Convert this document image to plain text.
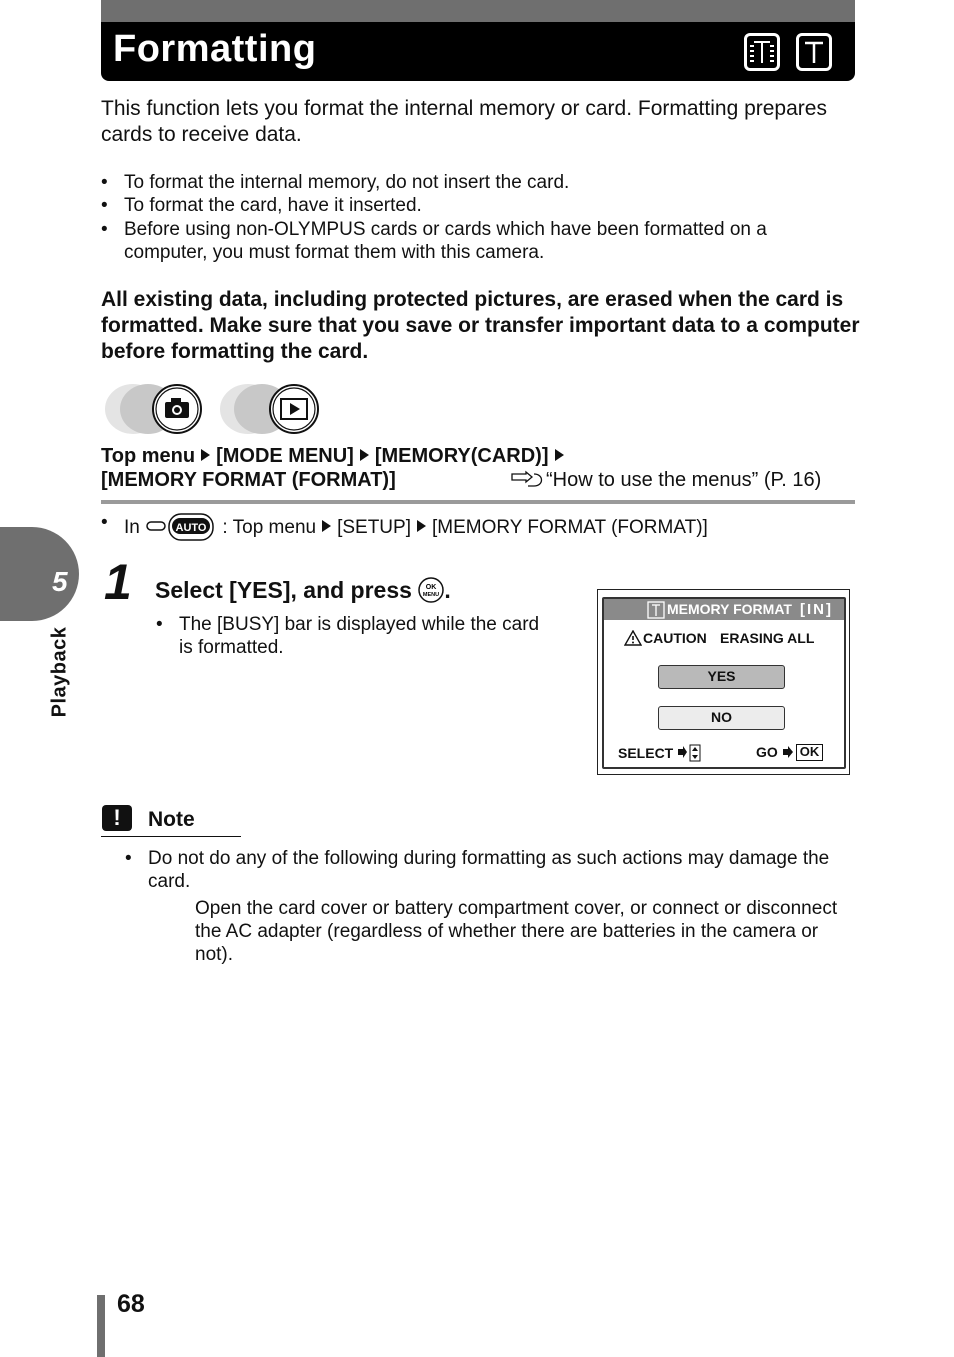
Formatting
This function lets you format the internal memory or card. Formatting prepares cards to receive data.
• To format the internal memory, do not insert the card.
• To format the card, have it inserted.
• Before using non-OLYMPUS cards or cards which have been formatted on a computer, you must format them with this camera.
All existing data, including protected pictures, are erased when the card is formatted. Make sure that you save or transfer important data to a computer before formatting the card.
Top menu [MODE MENU] [MEMORY(CARD)]
[MEMORY FORMAT (FORMAT)]	“How to use the menus” (P. 16)
• In	AUTO : Top menu [SETUP] [MEMORY FORMAT (FORMAT)]
5
Playback
1 Select [YES], and press OK
MENU .
• The [BUSY] bar is displayed while the card is formatted.
MEMORY FORMAT [IN]
CAUTION ERASING ALL
YES
NO
SELECT	GO	OK
!	Note
• Do not do any of the following during formatting as such actions may damage the card.
Open the card cover or battery compartment cover, or connect or disconnect the AC adapter (regardless of whether there are batteries in the camera or not).
68
